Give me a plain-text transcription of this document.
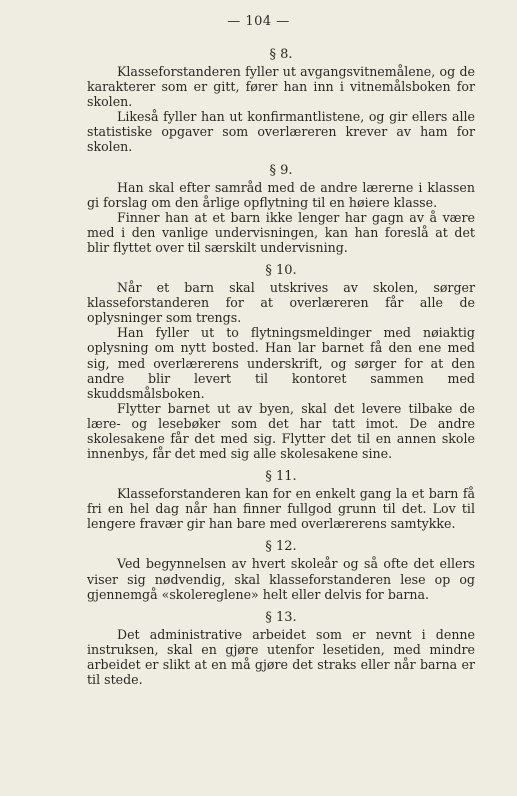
— 104 —

§ 8.

Klasseforstanderen fyller ut avgangsvitnemålene, og de karakterer som er gitt, fører han inn i vitnemålsboken for skolen.

Likeså fyller han ut konfirmantlistene, og gir ellers alle statistiske opgaver som overlæreren krever av ham for skolen.

§ 9.

Han skal efter samråd med de andre lærerne i klassen gi forslag om den årlige opflytning til en høiere klasse.

Finner han at et barn ikke lenger har gagn av å være med i den vanlige undervisningen, kan han foreslå at det blir flyttet over til særskilt undervisning.

§ 10.

Når et barn skal utskrives av skolen, sørger klasseforstanderen for at overlæreren får alle de oplysninger som trengs.

Han fyller ut to flytningsmeldinger med nøiaktig oplysning om nytt bosted. Han lar barnet få den ene med sig, med overlærerens underskrift, og sørger for at den andre blir levert til kontoret sammen med skuddsmålsboken.

Flytter barnet ut av byen, skal det levere tilbake de lære- og lesebøker som det har tatt imot. De andre skolesakene får det med sig. Flytter det til en annen skole innenbys, får det med sig alle skolesakene sine.

§ 11.

Klasseforstanderen kan for en enkelt gang la et barn få fri en hel dag når han finner fullgod grunn til det. Lov til lengere fravær gir han bare med overlærerens samtykke.

§ 12.

Ved begynnelsen av hvert skoleår og så ofte det ellers viser sig nødvendig, skal klasseforstanderen lese op og gjennemgå «skolereglene» helt eller delvis for barna.

§ 13.

Det administrative arbeidet som er nevnt i denne instruksen, skal en gjøre utenfor lesetiden, med mindre arbeidet er slikt at en må gjøre det straks eller når barna er til stede.
